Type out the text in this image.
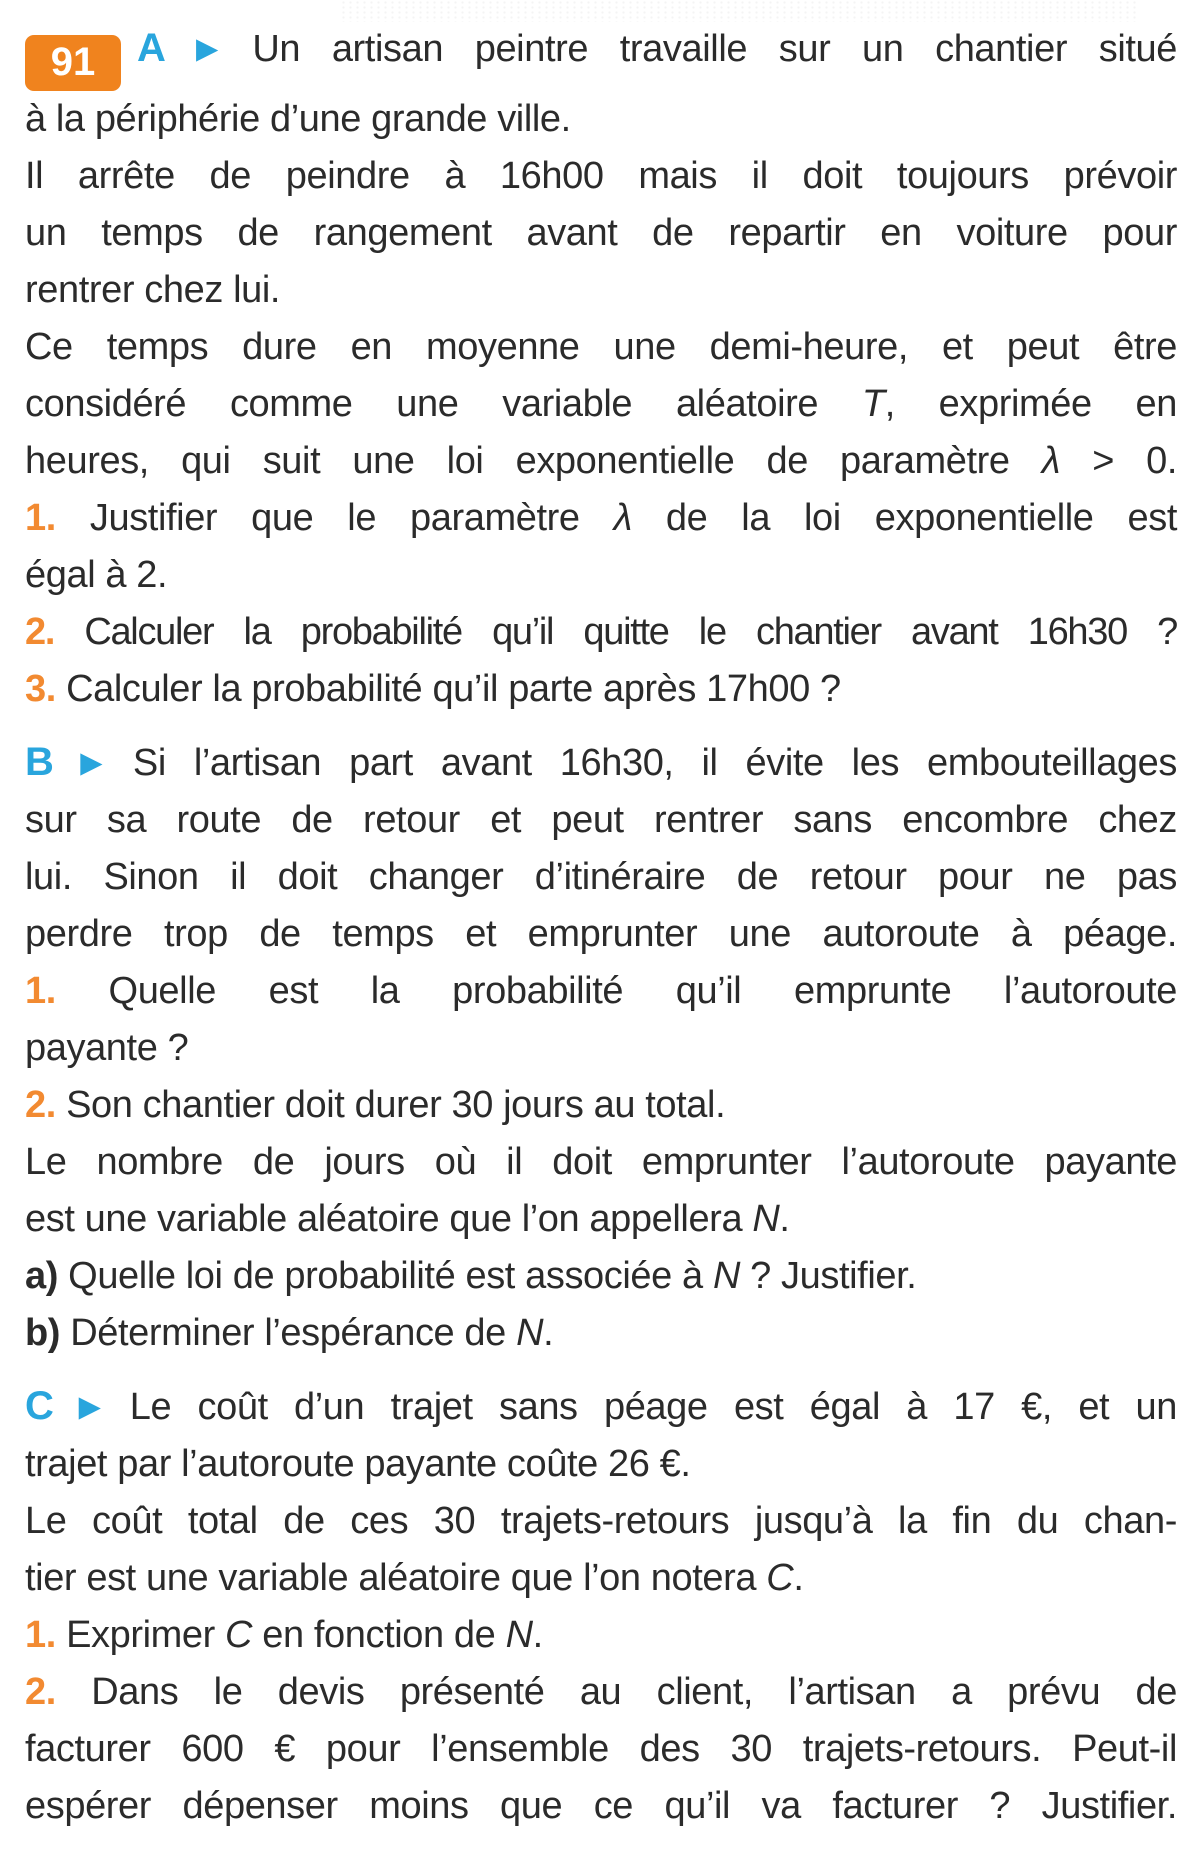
91 A ▶ Un artisan peintre travaille sur un chantier situé
à la périphérie d’une grande ville.
Il arrête de peindre à 16h00 mais il doit toujours prévoir
un temps de rangement avant de repartir en voiture pour
rentrer chez lui.
Ce temps dure en moyenne une demi-heure, et peut être
considéré comme une variable aléatoire T, exprimée en
heures, qui suit une loi exponentielle de paramètre λ > 0.
1. Justifier que le paramètre λ de la loi exponentielle est
égal à 2.
2. Calculer la probabilité qu’il quitte le chantier avant 16h30 ?
3. Calculer la probabilité qu’il parte après 17h00 ?
B ▶ Si l’artisan part avant 16h30, il évite les embouteillages
sur sa route de retour et peut rentrer sans encombre chez
lui. Sinon il doit changer d’itinéraire de retour pour ne pas
perdre trop de temps et emprunter une autoroute à péage.
1. Quelle est la probabilité qu’il emprunte l’autoroute
payante ?
2. Son chantier doit durer 30 jours au total.
Le nombre de jours où il doit emprunter l’autoroute payante
est une variable aléatoire que l’on appellera N.
a) Quelle loi de probabilité est associée à N ? Justifier.
b) Déterminer l’espérance de N.
C ▶ Le coût d’un trajet sans péage est égal à 17 €, et un
trajet par l’autoroute payante coûte 26 €.
Le coût total de ces 30 trajets-retours jusqu’à la fin du chan-
tier est une variable aléatoire que l’on notera C.
1. Exprimer C en fonction de N.
2. Dans le devis présenté au client, l’artisan a prévu de
facturer 600 € pour l’ensemble des 30 trajets-retours. Peut-il
espérer dépenser moins que ce qu’il va facturer ? Justifier.
